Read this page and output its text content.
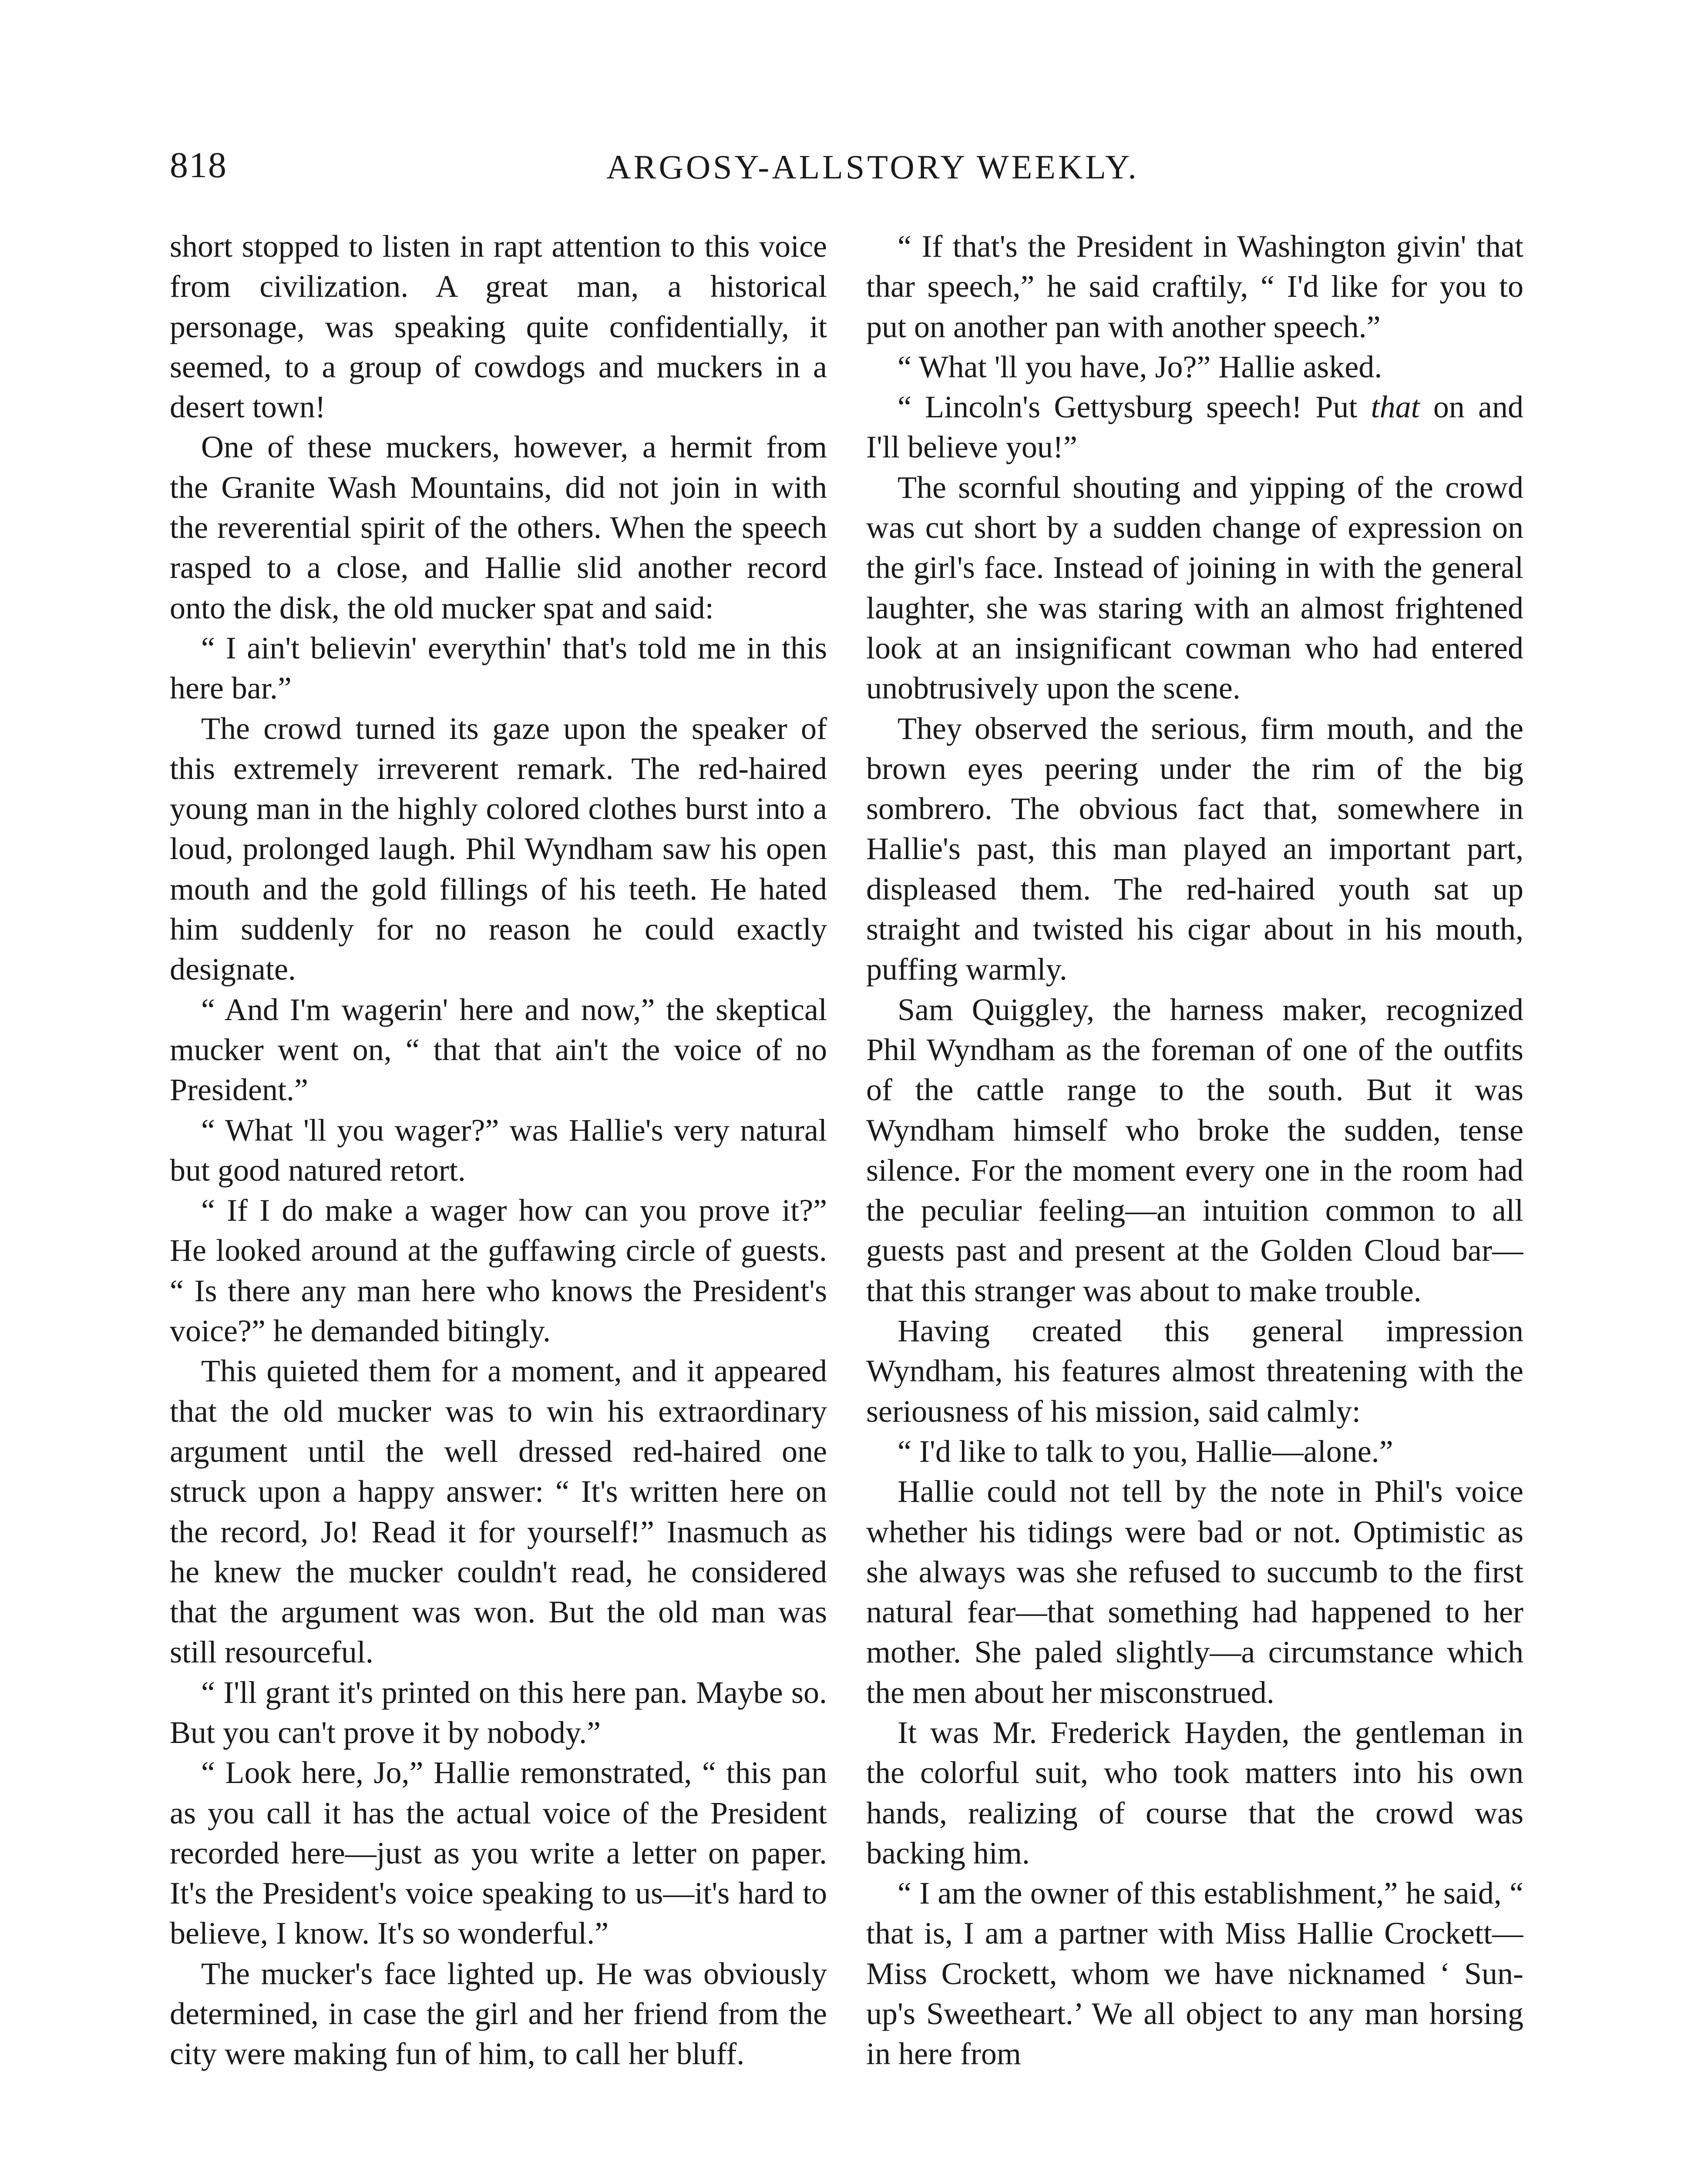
818	ARGOSY-ALLSTORY WEEKLY.

short stopped to listen in rapt attention to this voice from civilization. A great man, a historical personage, was speaking quite confidentially, it seemed, to a group of cowdogs and muckers in a desert town!

One of these muckers, however, a hermit from the Granite Wash Mountains, did not join in with the reverential spirit of the others. When the speech rasped to a close, and Hallie slid another record onto the disk, the old mucker spat and said:

“ I ain't believin' everythin' that's told me in this here bar.”

The crowd turned its gaze upon the speaker of this extremely irreverent remark. The red-haired young man in the highly colored clothes burst into a loud, prolonged laugh. Phil Wyndham saw his open mouth and the gold fillings of his teeth. He hated him suddenly for no reason he could exactly designate.

“ And I'm wagerin' here and now,” the skeptical mucker went on, “ that that ain't the voice of no President.”

“ What 'll you wager?” was Hallie's very natural but good natured retort.

“ If I do make a wager how can you prove it?” He looked around at the guffawing circle of guests. “ Is there any man here who knows the President's voice?” he demanded bitingly.

This quieted them for a moment, and it appeared that the old mucker was to win his extraordinary argument until the well dressed red-haired one struck upon a happy answer: “ It's written here on the record, Jo! Read it for yourself!” Inasmuch as he knew the mucker couldn't read, he considered that the argument was won. But the old man was still resourceful.

“ I'll grant it's printed on this here pan. Maybe so. But you can't prove it by nobody.”

“ Look here, Jo,” Hallie remonstrated, “ this pan as you call it has the actual voice of the President recorded here—just as you write a letter on paper. It's the President's voice speaking to us—it's hard to believe, I know. It's so wonderful.”

The mucker's face lighted up. He was obviously determined, in case the girl and her friend from the city were making fun of him, to call her bluff.

“ If that's the President in Washington givin' that thar speech,” he said craftily, “ I'd like for you to put on another pan with another speech.”

“ What 'll you have, Jo?” Hallie asked.

“ Lincoln's Gettysburg speech! Put that on and I'll believe you!”

The scornful shouting and yipping of the crowd was cut short by a sudden change of expression on the girl's face. Instead of joining in with the general laughter, she was staring with an almost frightened look at an insignificant cowman who had entered unobtrusively upon the scene.

They observed the serious, firm mouth, and the brown eyes peering under the rim of the big sombrero. The obvious fact that, somewhere in Hallie's past, this man played an important part, displeased them. The red-haired youth sat up straight and twisted his cigar about in his mouth, puffing warmly.

Sam Quiggley, the harness maker, recognized Phil Wyndham as the foreman of one of the outfits of the cattle range to the south. But it was Wyndham himself who broke the sudden, tense silence. For the moment every one in the room had the peculiar feeling—an intuition common to all guests past and present at the Golden Cloud bar—that this stranger was about to make trouble.

Having created this general impression Wyndham, his features almost threatening with the seriousness of his mission, said calmly:

“ I'd like to talk to you, Hallie—alone.”

Hallie could not tell by the note in Phil's voice whether his tidings were bad or not. Optimistic as she always was she refused to succumb to the first natural fear—that something had happened to her mother. She paled slightly—a circumstance which the men about her misconstrued.

It was Mr. Frederick Hayden, the gentleman in the colorful suit, who took matters into his own hands, realizing of course that the crowd was backing him.

“ I am the owner of this establishment,” he said, “ that is, I am a partner with Miss Hallie Crockett—Miss Crockett, whom we have nicknamed ‘ Sun-up's Sweetheart.’ We all object to any man horsing in here from
